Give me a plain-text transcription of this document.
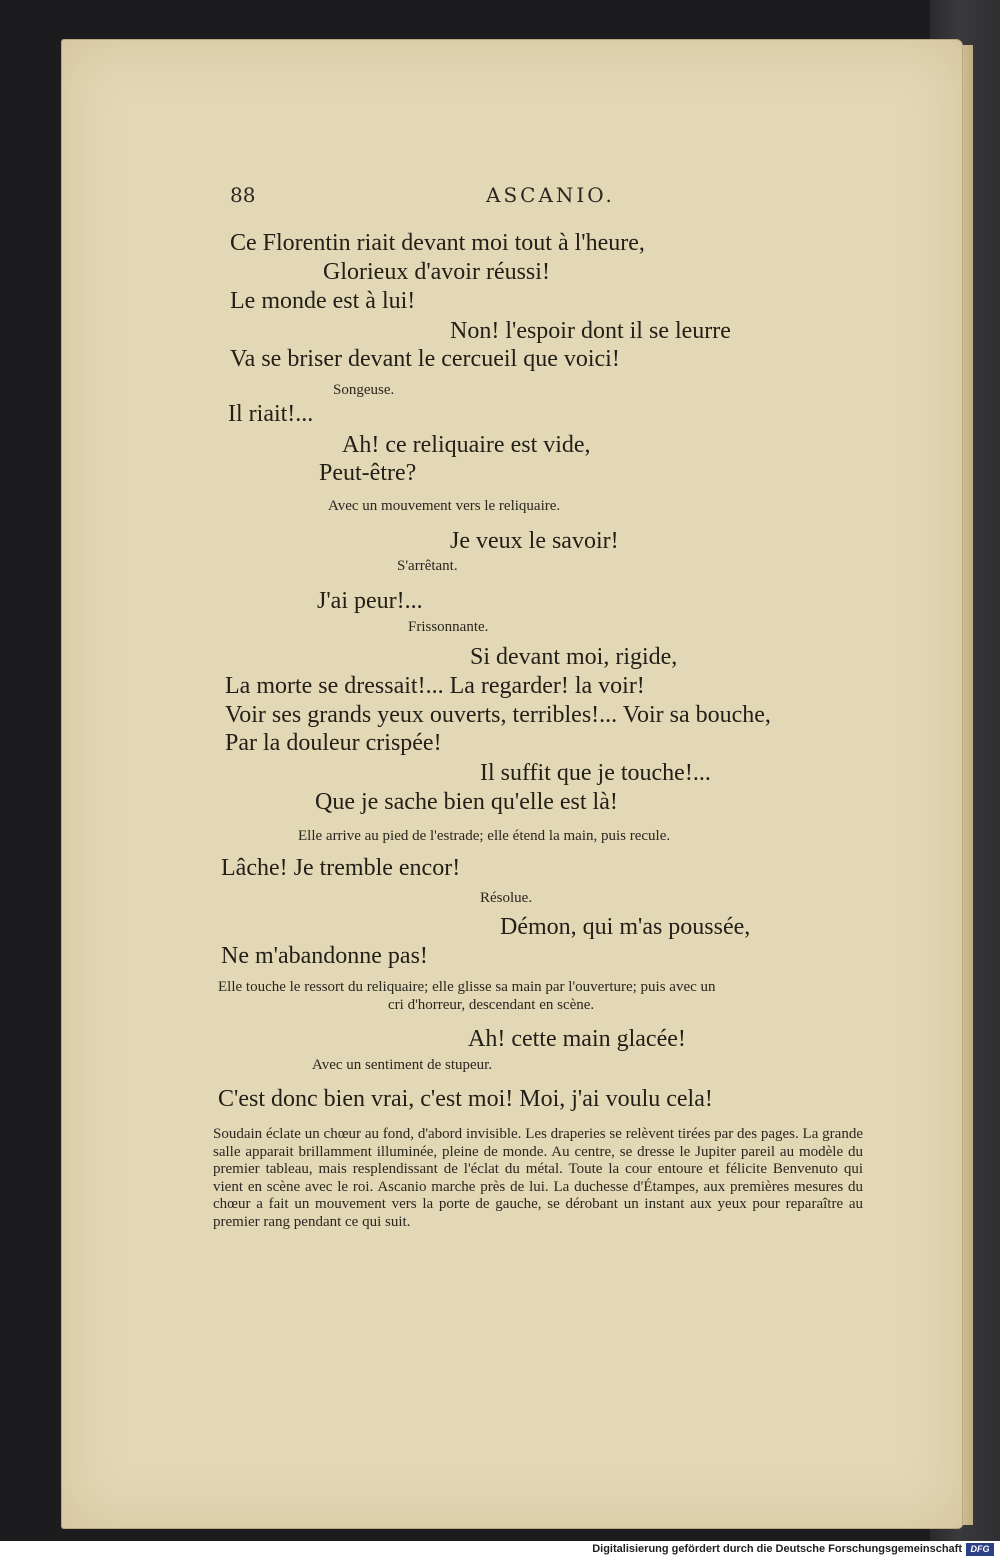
88	ASCANIO.
Ce Florentin riait devant moi tout à l'heure,
Glorieux d'avoir réussi!
Le monde est à lui!
Non! l'espoir dont il se leurre
Va se briser devant le cercueil que voici!
Songeuse.
Il riait!...
Ah! ce reliquaire est vide,
Peut-être?
Avec un mouvement vers le reliquaire.
Je veux le savoir!
S'arrêtant.
J'ai peur!...
Frissonnante.
Si devant moi, rigide,
La morte se dressait!... La regarder! la voir!
Voir ses grands yeux ouverts, terribles!... Voir sa bouche,
Par la douleur crispée!
Il suffit que je touche!...
Que je sache bien qu'elle est là!
Elle arrive au pied de l'estrade; elle étend la main, puis recule.
Lâche! Je tremble encor!
Résolue.
Démon, qui m'as poussée,
Ne m'abandonne pas!
Elle touche le ressort du reliquaire; elle glisse sa main par l'ouverture; puis avec un
cri d'horreur, descendant en scène.
Ah! cette main glacée!
Avec un sentiment de stupeur.
C'est donc bien vrai, c'est moi! Moi, j'ai voulu cela!
Soudain éclate un chœur au fond, d'abord invisible. Les draperies se relèvent tirées par des pages. La grande salle apparait brillamment illuminée, pleine de monde. Au centre, se dresse le Jupiter pareil au modèle du premier tableau, mais resplendissant de l'éclat du métal. Toute la cour entoure et félicite Benvenuto qui vient en scène avec le roi. Ascanio marche près de lui. La duchesse d'Étampes, aux premières mesures du chœur a fait un mouvement vers la porte de gauche, se dérobant un instant aux yeux pour reparaître au premier rang pendant ce qui suit.
Digitalisierung gefördert durch die Deutsche Forschungsgemeinschaft DFG
